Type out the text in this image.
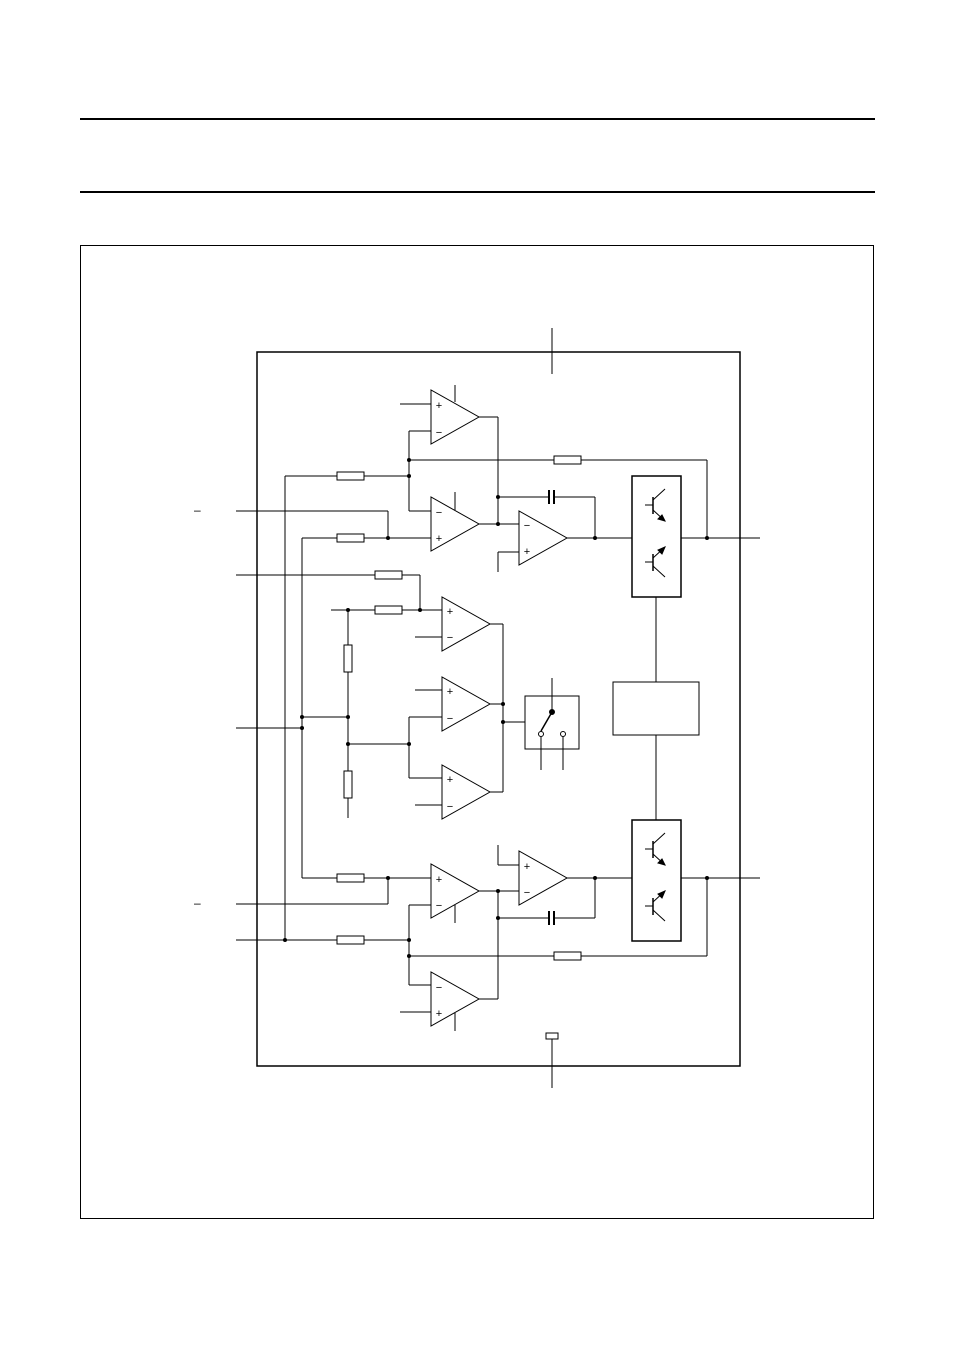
+
−
−
+
−
+
+
−
+
−
+
−
+
−
+
−
−
+
–
–
